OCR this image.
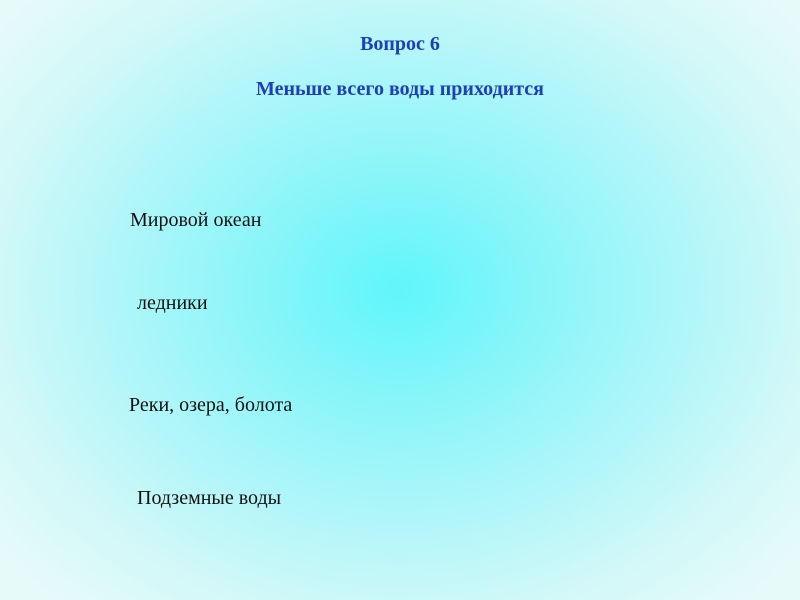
Вопрос 6
Меньше всего воды приходится
Мировой океан
ледники
Реки, озера, болота
Подземные воды
